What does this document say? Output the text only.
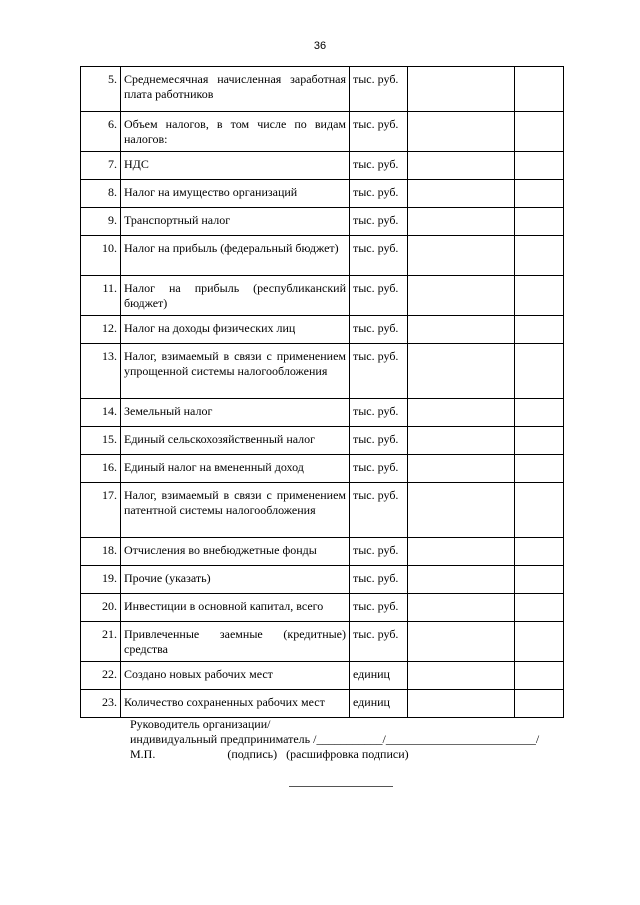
36
5.	Среднемесячная начисленная заработная плата работников	тыс. руб.		
6.	Объем налогов, в том числе по видам налогов:	тыс. руб.		
7.	НДС	тыс. руб.		
8.	Налог на имущество организаций	тыс. руб.		
9.	Транспортный налог	тыс. руб.		
10.	Налог на прибыль (федеральный бюджет)	тыс. руб.		
11.	Налог на прибыль (республиканский бюджет)	тыс. руб.		
12.	Налог на доходы физических лиц	тыс. руб.		
13.	Налог, взимаемый в связи с применением упрощенной системы налогообложения	тыс. руб.		
14.	Земельный налог	тыс. руб.		
15.	Единый сельскохозяйственный налог	тыс. руб.		
16.	Единый налог на вмененный доход	тыс. руб.		
17.	Налог, взимаемый в связи с применением патентной системы налогообложения	тыс. руб.		
18.	Отчисления во внебюджетные фонды	тыс. руб.		
19.	Прочие (указать)	тыс. руб.		
20.	Инвестиции в основной капитал, всего	тыс. руб.		
21.	Привлеченные заемные (кредитные) средства	тыс. руб.		
22.	Создано новых рабочих мест	единиц		
23.	Количество сохраненных рабочих мест	единиц		
Руководитель организации/
индивидуальный предприниматель /___________/_________________________/
М.П.                        (подпись)   (расшифровка подписи)
